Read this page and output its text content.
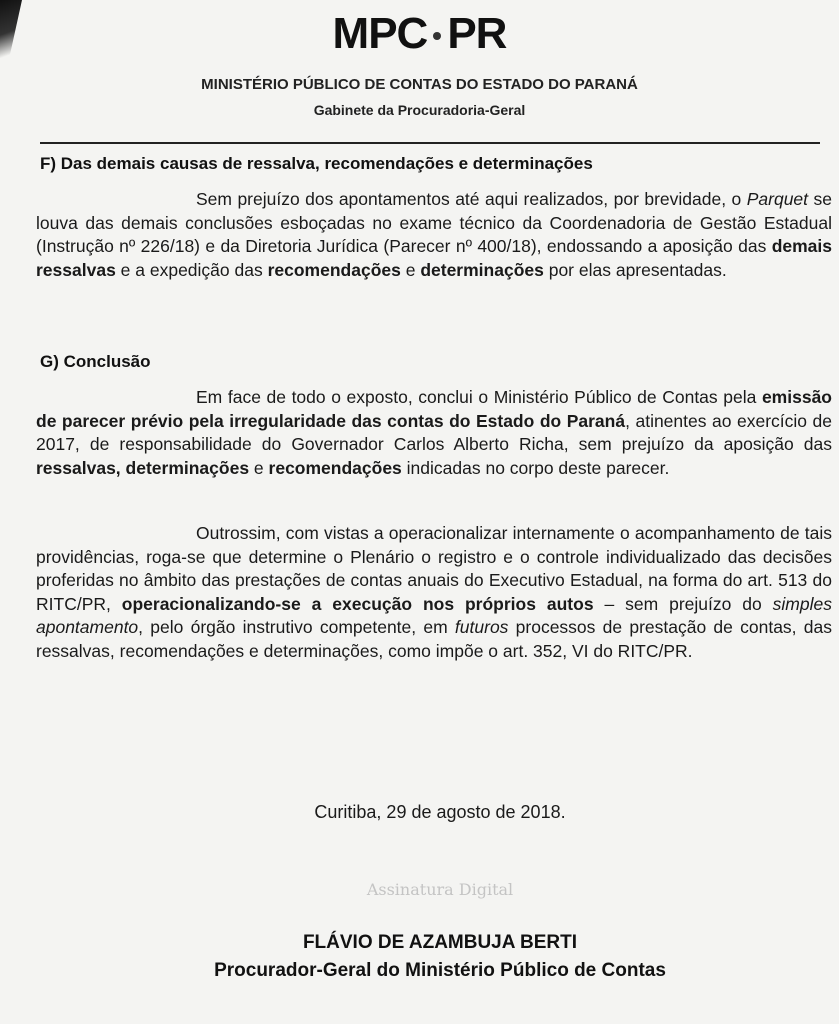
MPC PR
MINISTÉRIO PÚBLICO DE CONTAS DO ESTADO DO PARANÁ
Gabinete da Procuradoria-Geral
F) Das demais causas de ressalva, recomendações e determinações
Sem prejuízo dos apontamentos até aqui realizados, por brevidade, o Parquet se louva das demais conclusões esboçadas no exame técnico da Coordenadoria de Gestão Estadual (Instrução nº 226/18) e da Diretoria Jurídica (Parecer nº 400/18), endossando a aposição das demais ressalvas e a expedição das recomendações e determinações por elas apresentadas.
G) Conclusão
Em face de todo o exposto, conclui o Ministério Público de Contas pela emissão de parecer prévio pela irregularidade das contas do Estado do Paraná, atinentes ao exercício de 2017, de responsabilidade do Governador Carlos Alberto Richa, sem prejuízo da aposição das ressalvas, determinações e recomendações indicadas no corpo deste parecer.
Outrossim, com vistas a operacionalizar internamente o acompanhamento de tais providências, roga-se que determine o Plenário o registro e o controle individualizado das decisões proferidas no âmbito das prestações de contas anuais do Executivo Estadual, na forma do art. 513 do RITC/PR, operacionalizando-se a execução nos próprios autos – sem prejuízo do simples apontamento, pelo órgão instrutivo competente, em futuros processos de prestação de contas, das ressalvas, recomendações e determinações, como impõe o art. 352, VI do RITC/PR.
Curitiba, 29 de agosto de 2018.
Assinatura Digital
FLÁVIO DE AZAMBUJA BERTI
Procurador-Geral do Ministério Público de Contas
